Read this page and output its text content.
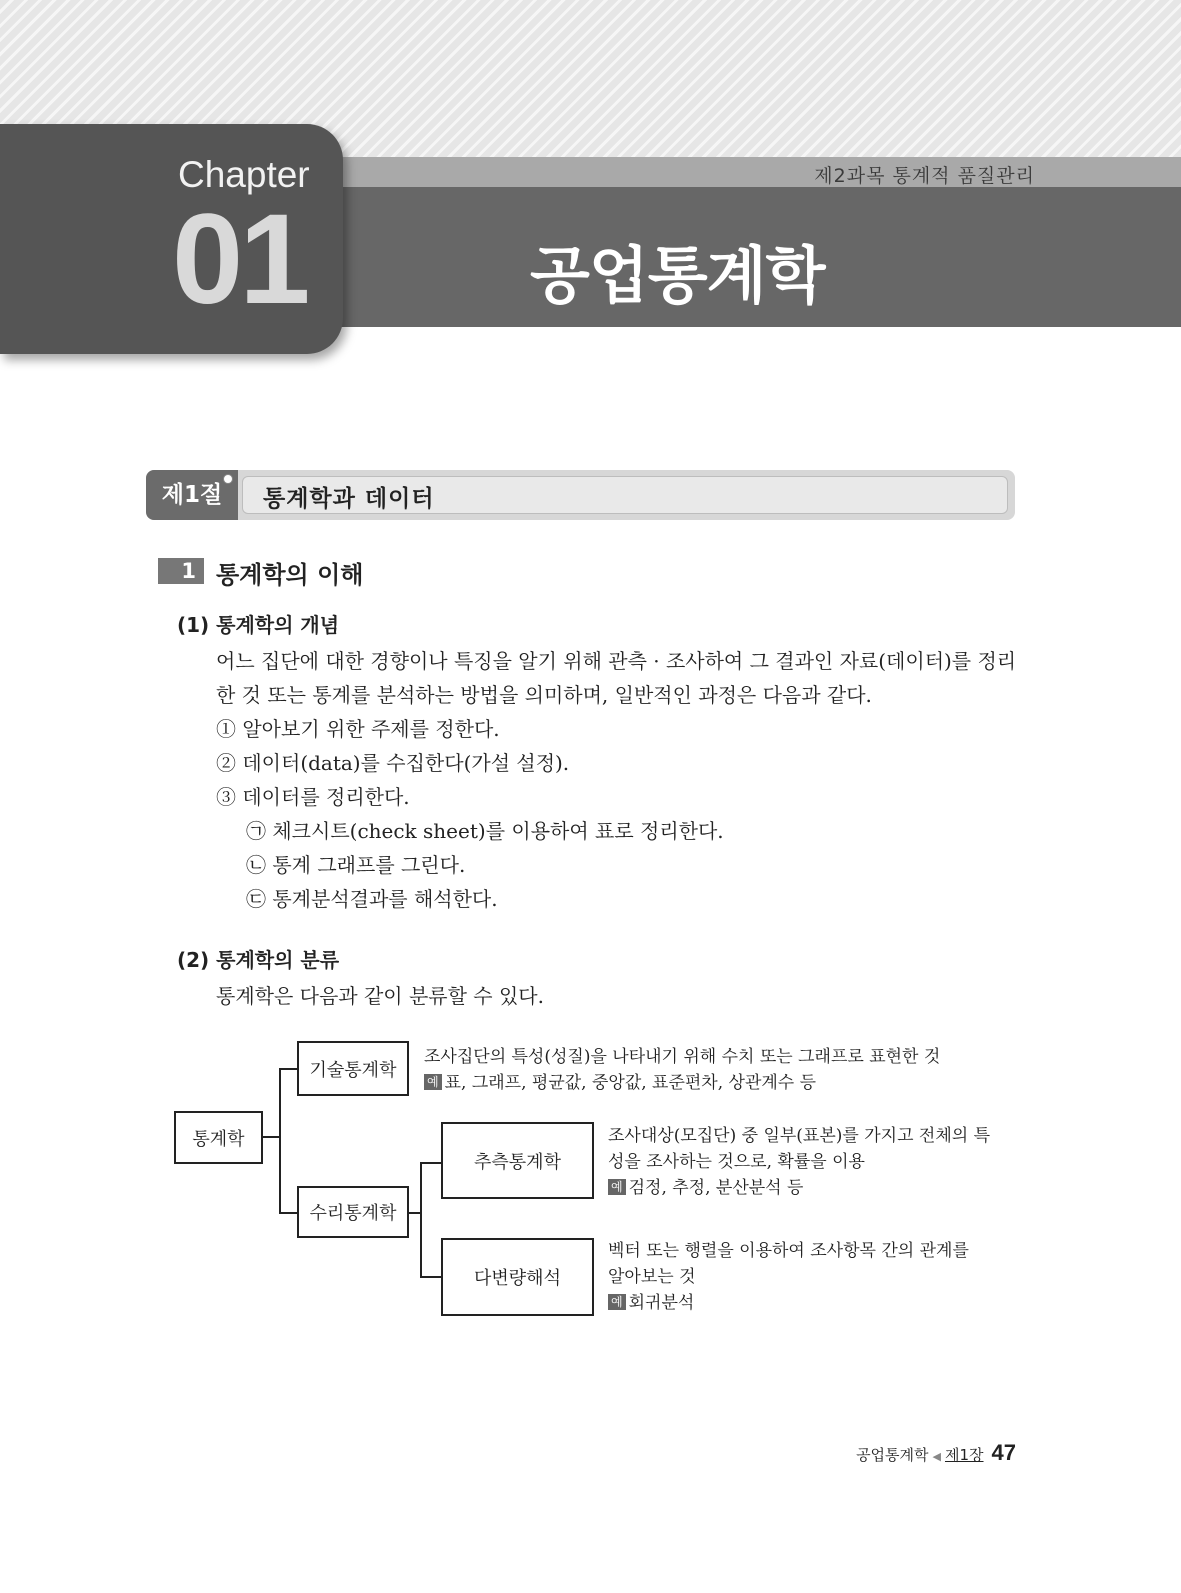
제2과목 통계적 품질관리
Chapter
01	공업통계학
제1절	통계학과 데이터
1 통계학의 이해
(1) 통계학의 개념
어느 집단에 대한 경향이나 특징을 알기 위해 관측 · 조사하여 그 결과인 자료(데이터)를 정리한 것 또는 통계를 분석하는 방법을 의미하며, 일반적인 과정은 다음과 같다.
① 알아보기 위한 주제를 정한다.
② 데이터(data)를 수집한다(가설 설정).
③ 데이터를 정리한다.
㉠ 체크시트(check sheet)를 이용하여 표로 정리한다.
㉡ 통계 그래프를 그린다.
㉢ 통계분석결과를 해석한다.
(2) 통계학의 분류
통계학은 다음과 같이 분류할 수 있다.
통계학
기술통계학
수리통계학
추측통계학
다변량해석
조사집단의 특성(성질)을 나타내기 위해 수치 또는 그래프로 표현한 것
예 표, 그래프, 평균값, 중앙값, 표준편차, 상관계수 등
조사대상(모집단) 중 일부(표본)를 가지고 전체의 특
성을 조사하는 것으로, 확률을 이용
예 검정, 추정, 분산분석 등
벡터 또는 행렬을 이용하여 조사항목 간의 관계를
알아보는 것
예 회귀분석
공업통계학 ◀ 제1장 47
